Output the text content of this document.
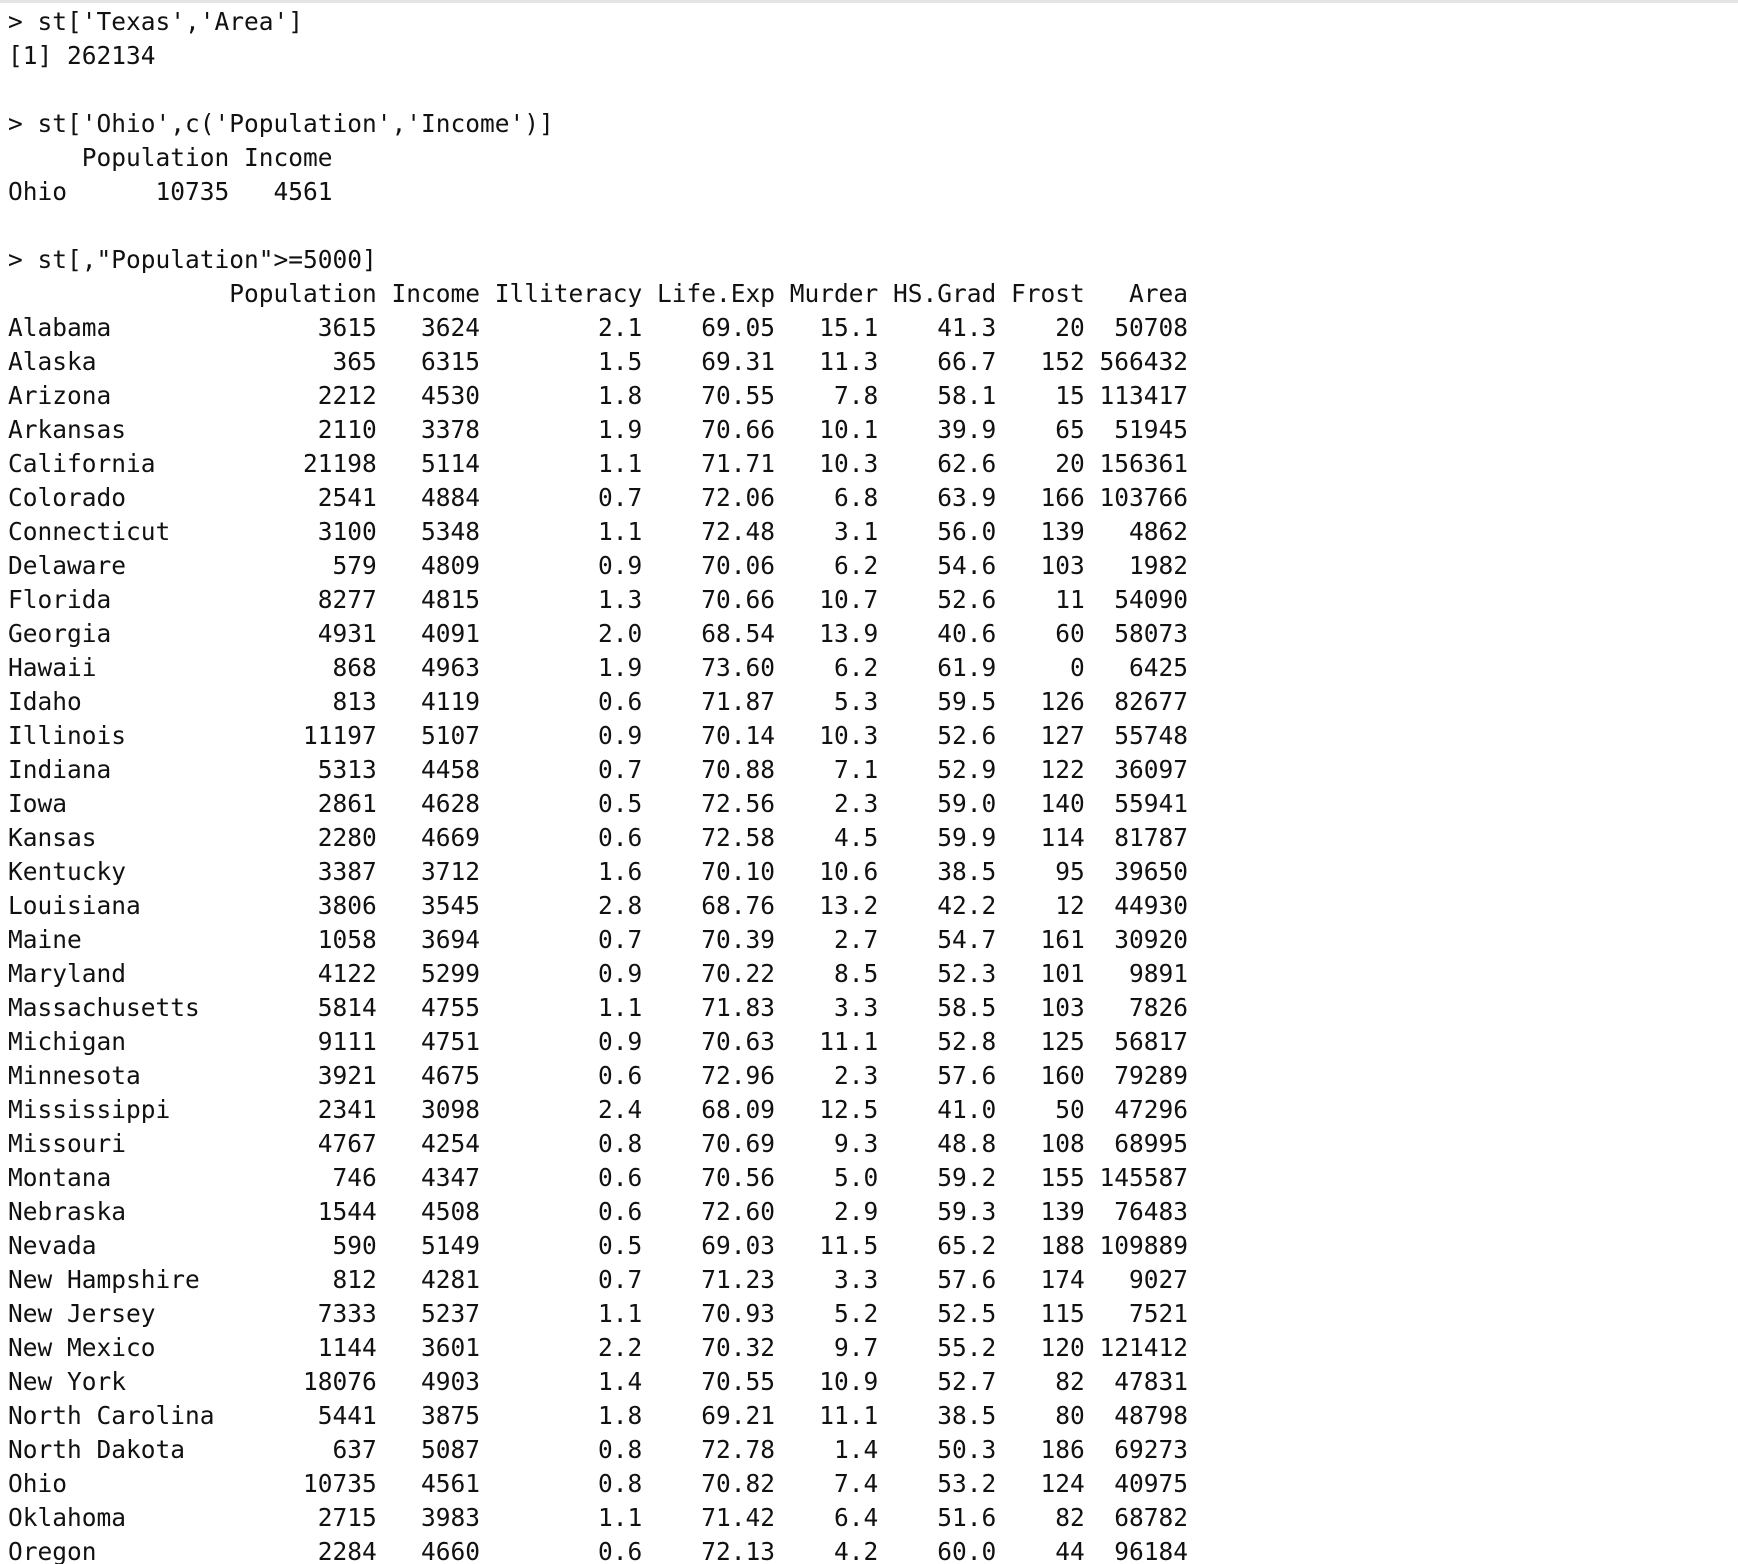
> st['Texas','Area']
[1] 262134
> st['Ohio',c('Population','Income')]
Population Income
Ohio      10735   4561
> st[,"Population">=5000]
Population Income Illiteracy Life.Exp Murder HS.Grad Frost   Area
Alabama              3615   3624        2.1    69.05   15.1    41.3    20  50708
Alaska                365   6315        1.5    69.31   11.3    66.7   152 566432
Arizona              2212   4530        1.8    70.55    7.8    58.1    15 113417
Arkansas             2110   3378        1.9    70.66   10.1    39.9    65  51945
California          21198   5114        1.1    71.71   10.3    62.6    20 156361
Colorado             2541   4884        0.7    72.06    6.8    63.9   166 103766
Connecticut          3100   5348        1.1    72.48    3.1    56.0   139   4862
Delaware              579   4809        0.9    70.06    6.2    54.6   103   1982
Florida              8277   4815        1.3    70.66   10.7    52.6    11  54090
Georgia              4931   4091        2.0    68.54   13.9    40.6    60  58073
Hawaii                868   4963        1.9    73.60    6.2    61.9     0   6425
Idaho                 813   4119        0.6    71.87    5.3    59.5   126  82677
Illinois            11197   5107        0.9    70.14   10.3    52.6   127  55748
Indiana              5313   4458        0.7    70.88    7.1    52.9   122  36097
Iowa                 2861   4628        0.5    72.56    2.3    59.0   140  55941
Kansas               2280   4669        0.6    72.58    4.5    59.9   114  81787
Kentucky             3387   3712        1.6    70.10   10.6    38.5    95  39650
Louisiana            3806   3545        2.8    68.76   13.2    42.2    12  44930
Maine                1058   3694        0.7    70.39    2.7    54.7   161  30920
Maryland             4122   5299        0.9    70.22    8.5    52.3   101   9891
Massachusetts        5814   4755        1.1    71.83    3.3    58.5   103   7826
Michigan             9111   4751        0.9    70.63   11.1    52.8   125  56817
Minnesota            3921   4675        0.6    72.96    2.3    57.6   160  79289
Mississippi          2341   3098        2.4    68.09   12.5    41.0    50  47296
Missouri             4767   4254        0.8    70.69    9.3    48.8   108  68995
Montana               746   4347        0.6    70.56    5.0    59.2   155 145587
Nebraska             1544   4508        0.6    72.60    2.9    59.3   139  76483
Nevada                590   5149        0.5    69.03   11.5    65.2   188 109889
New Hampshire         812   4281        0.7    71.23    3.3    57.6   174   9027
New Jersey           7333   5237        1.1    70.93    5.2    52.5   115   7521
New Mexico           1144   3601        2.2    70.32    9.7    55.2   120 121412
New York            18076   4903        1.4    70.55   10.9    52.7    82  47831
North Carolina       5441   3875        1.8    69.21   11.1    38.5    80  48798
North Dakota          637   5087        0.8    72.78    1.4    50.3   186  69273
Ohio                10735   4561        0.8    70.82    7.4    53.2   124  40975
Oklahoma             2715   3983        1.1    71.42    6.4    51.6    82  68782
Oregon               2284   4660        0.6    72.13    4.2    60.0    44  96184
